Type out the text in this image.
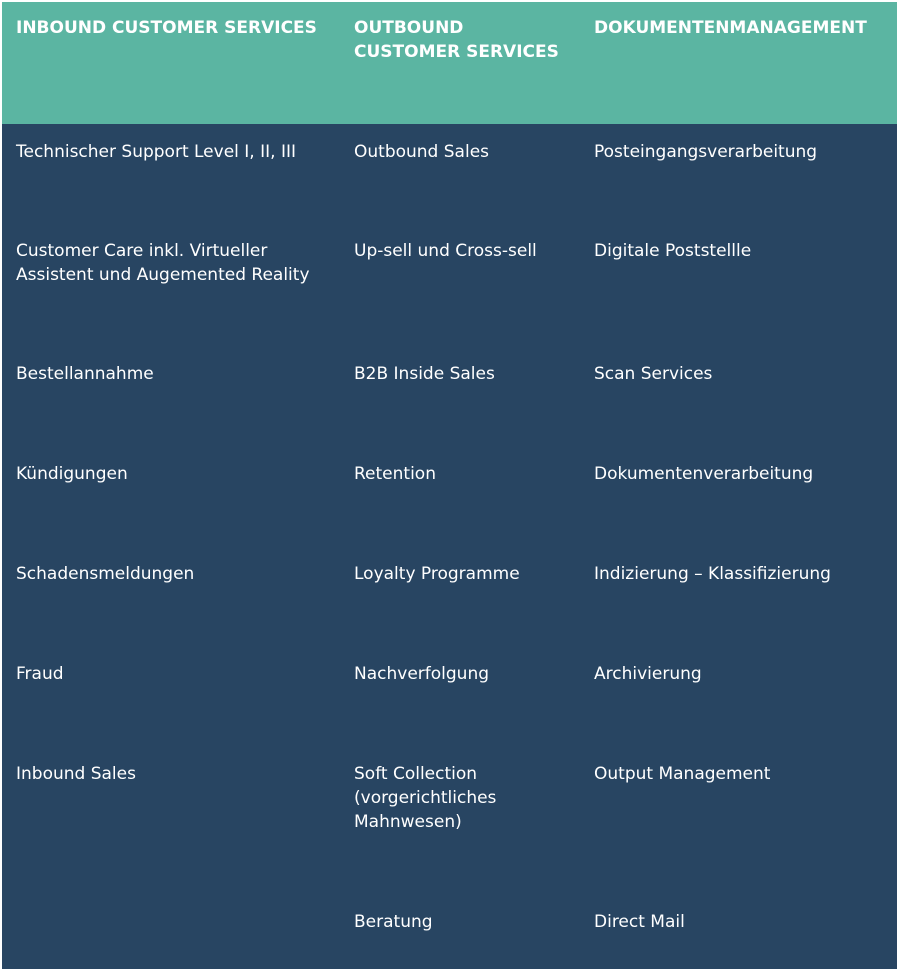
INBOUND CUSTOMER SERVICES	OUTBOUND CUSTOMER SERVICES	DOKUMENTENMANAGEMENT
Technischer Support Level I, II, III	Outbound Sales	Posteingangsverarbeitung
Customer Care inkl. Virtueller Assistent und Augemented Reality	Up-sell und Cross-sell	Digitale Poststellle
Bestellannahme	B2B Inside Sales	Scan Services
Kündigungen	Retention	Dokumentenverarbeitung
Schadensmeldungen	Loyalty Programme	Indizierung – Klassifizierung
Fraud	Nachverfolgung	Archivierung
Inbound Sales	Soft Collection (vorgerichtliches Mahnwesen)	Output Management
	Beratung	Direct Mail
